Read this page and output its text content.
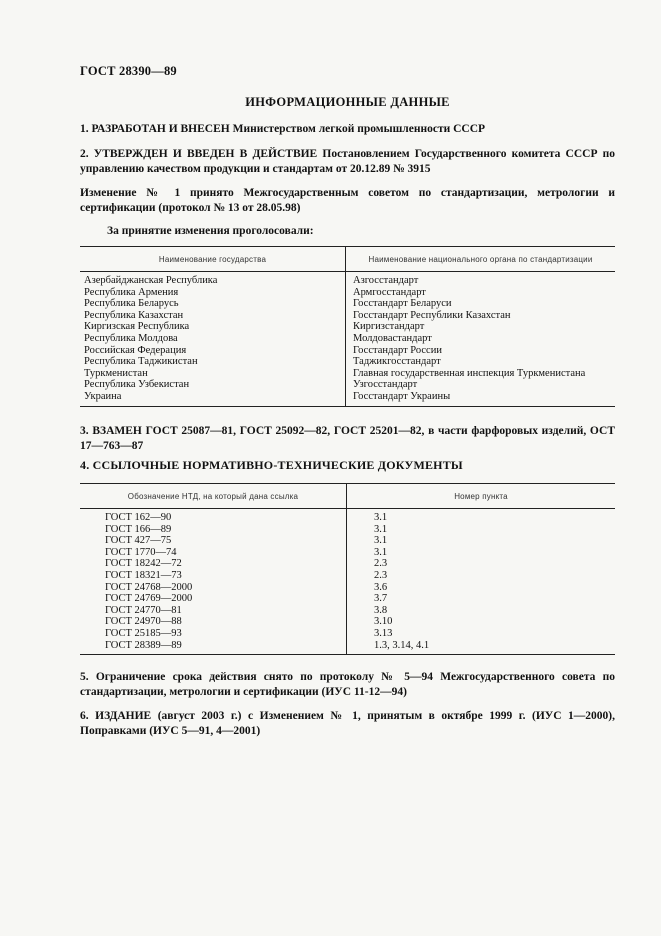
ГОСТ 28390—89
ИНФОРМАЦИОННЫЕ ДАННЫЕ
1. РАЗРАБОТАН И ВНЕСЕН Министерством легкой промышленности СССР
2. УТВЕРЖДЕН И ВВЕДЕН В ДЕЙСТВИЕ Постановлением Государственного комитета СССР по управлению качеством продукции и стандартам от 20.12.89 № 3915
Изменение № 1 принято Межгосударственным советом по стандартизации, метрологии и сертификации (протокол № 13 от 28.05.98)
За принятие изменения проголосовали:
Наименование государства	Наименование национального органа по стандартизации
Азербайджанская Республика
Республика Армения
Республика Беларусь
Республика Казахстан
Киргизская Республика
Республика Молдова
Российская Федерация
Республика Таджикистан
Туркменистан
Республика Узбекистан
Украина
Азгосстандарт
Армгосстандарт
Госстандарт Беларуси
Госстандарт Республики Казахстан
Киргизстандарт
Молдовастандарт
Госстандарт России
Таджикгосстандарт
Главная государственная инспекция Туркменистана
Узгосстандарт
Госстандарт Украины
3. ВЗАМЕН ГОСТ 25087—81, ГОСТ 25092—82, ГОСТ 25201—82, в части фарфоровых изделий, ОСТ 17—763—87
4. ССЫЛОЧНЫЕ НОРМАТИВНО-ТЕХНИЧЕСКИЕ ДОКУМЕНТЫ
Обозначение НТД, на который дана ссылка	Номер пункта
ГОСТ 162—90
ГОСТ 166—89
ГОСТ 427—75
ГОСТ 1770—74
ГОСТ 18242—72
ГОСТ 18321—73
ГОСТ 24768—2000
ГОСТ 24769—2000
ГОСТ 24770—81
ГОСТ 24970—88
ГОСТ 25185—93
ГОСТ 28389—89
3.1
3.1
3.1
3.1
2.3
2.3
3.6
3.7
3.8
3.10
3.13
1.3, 3.14, 4.1
5. Ограничение срока действия снято по протоколу № 5—94 Межгосударственного совета по стандартизации, метрологии и сертификации (ИУС 11-12—94)
6. ИЗДАНИЕ (август 2003 г.) с Изменением № 1, принятым в октябре 1999 г. (ИУС 1—2000), Поправками (ИУС 5—91, 4—2001)
